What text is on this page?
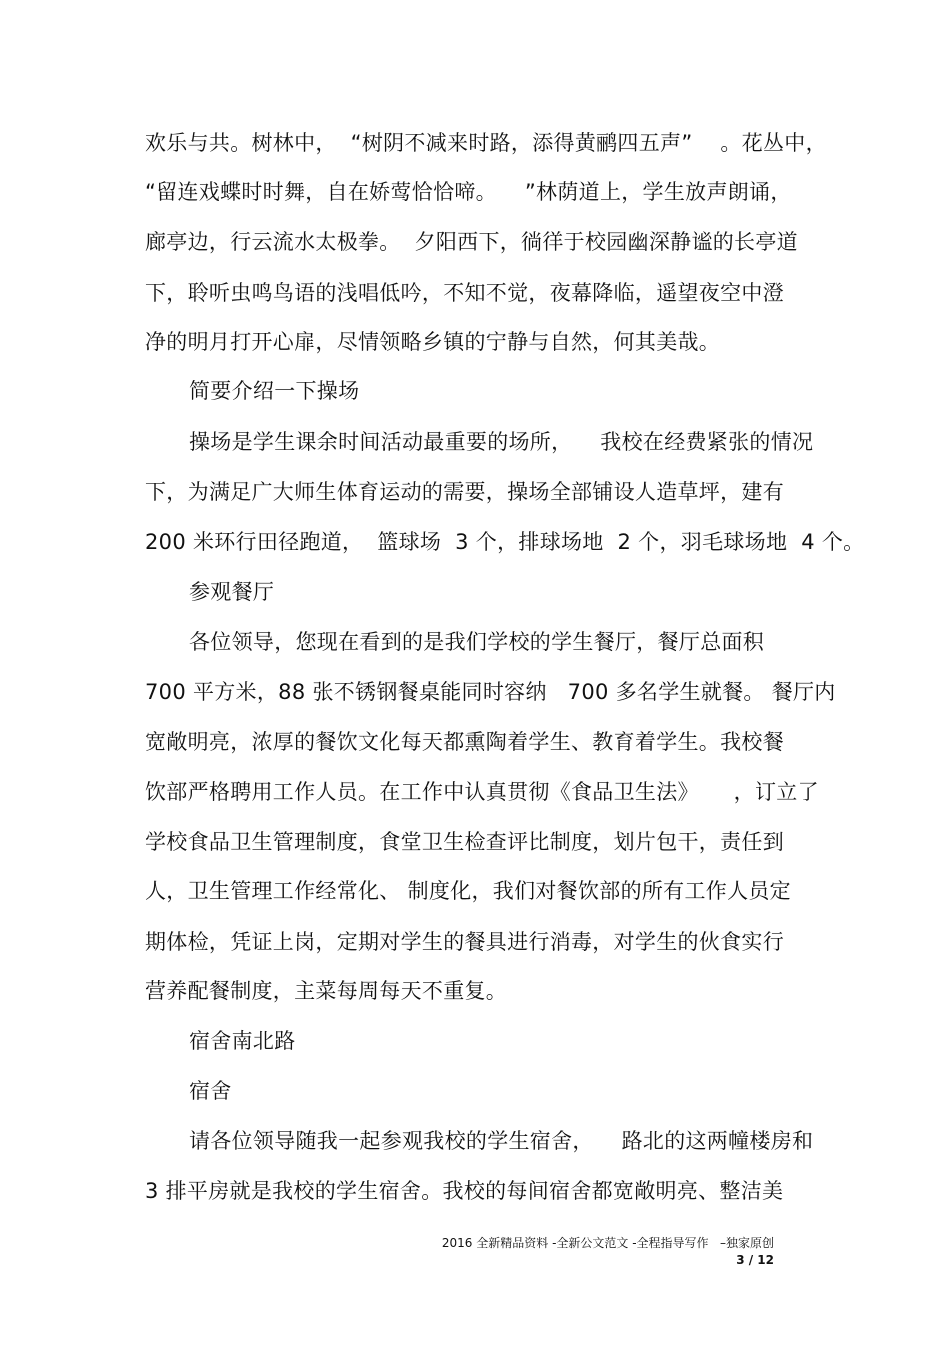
欢乐与共。树林中，  “树阴不减来时路，添得黄鹂四五声”    。花丛中，
“留连戏蝶时时舞，自在娇莺恰恰啼。    ”林荫道上，学生放声朗诵，
廊亭边，行云流水太极拳。  夕阳西下，徜徉于校园幽深静谧的长亭道
下，聆听虫鸣鸟语的浅唱低吟，不知不觉，夜幕降临，遥望夜空中澄
净的明月打开心扉，尽情领略乡镇的宁静与自然，何其美哉。
简要介绍一下操场
操场是学生课余时间活动最重要的场所，    我校在经费紧张的情况
下，为满足广大师生体育运动的需要，操场全部铺设人造草坪，建有
200 米环行田径跑道，  篮球场  3 个，排球场地  2 个，羽毛球场地  4 个。
参观餐厅
各位领导，您现在看到的是我们学校的学生餐厅，餐厅总面积
700 平方米，88 张不锈钢餐桌能同时容纳   700 多名学生就餐。 餐厅内
宽敞明亮，浓厚的餐饮文化每天都熏陶着学生、教育着学生。我校餐
饮部严格聘用工作人员。在工作中认真贯彻《食品卫生法》     ，订立了
学校食品卫生管理制度，食堂卫生检查评比制度，划片包干，责任到
人，卫生管理工作经常化、 制度化，我们对餐饮部的所有工作人员定
期体检，凭证上岗，定期对学生的餐具进行消毒，对学生的伙食实行
营养配餐制度，主菜每周每天不重复。
宿舍南北路
宿舍
请各位领导随我一起参观我校的学生宿舍，    路北的这两幢楼房和
3 排平房就是我校的学生宿舍。我校的每间宿舍都宽敞明亮、整洁美
2016 全新精品资料 -全新公文范文 -全程指导写作   –独家原创
3 / 12
